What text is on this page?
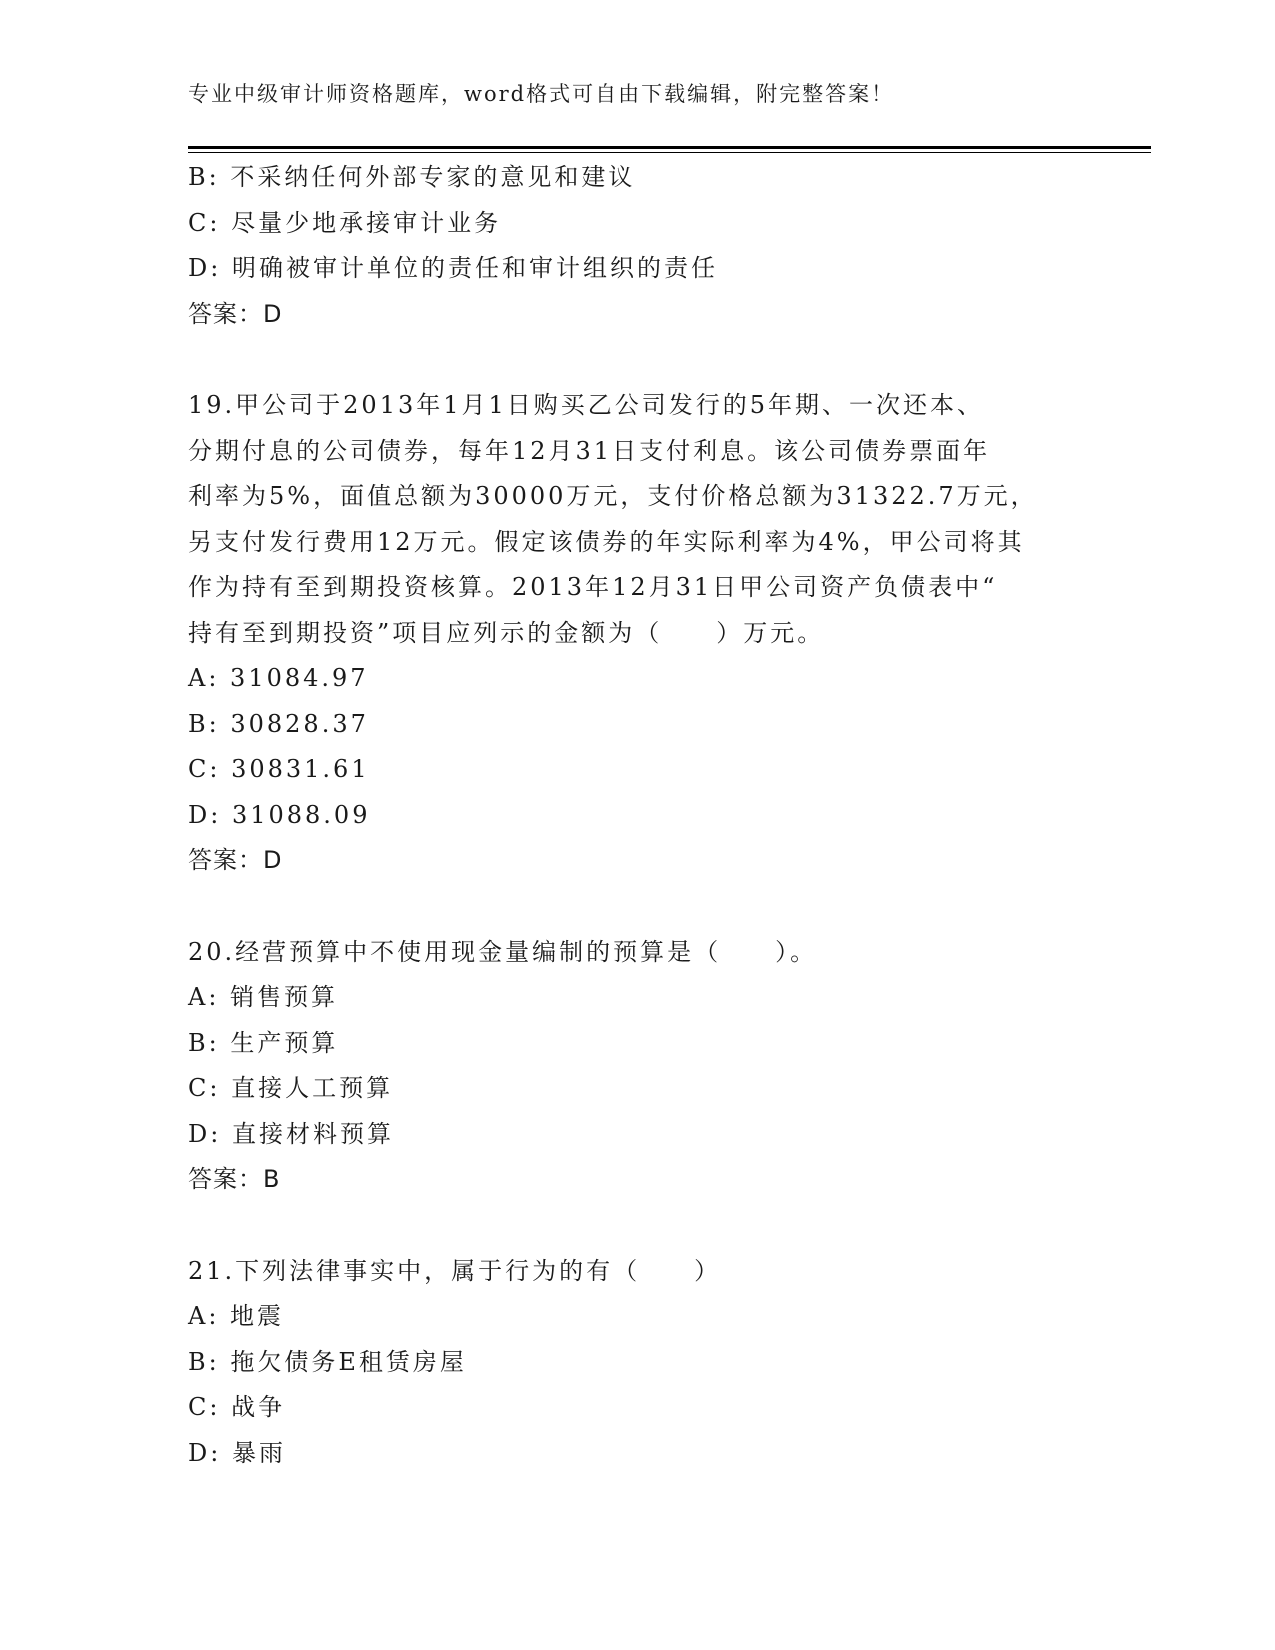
专业中级审计师资格题库，word格式可自由下载编辑，附完整答案！
B: 不采纳任何外部专家的意见和建议
C: 尽量少地承接审计业务
D: 明确被审计单位的责任和审计组织的责任
答案：D
19.甲公司于2013年1月1日购买乙公司发行的5年期、一次还本、
分期付息的公司债券，每年12月31日支付利息。该公司债券票面年
利率为5%，面值总额为30000万元，支付价格总额为31322.7万元，
另支付发行费用12万元。假定该债券的年实际利率为4%，甲公司将其
作为持有至到期投资核算。2013年12月31日甲公司资产负债表中“
持有至到期投资”项目应列示的金额为（　　）万元。
A: 31084.97
B: 30828.37
C: 30831.61
D: 31088.09
答案：D
20.经营预算中不使用现金量编制的预算是（　　）。
A: 销售预算
B: 生产预算
C: 直接人工预算
D: 直接材料预算
答案：B
21.下列法律事实中，属于行为的有（　　）
A: 地震
B: 拖欠债务E租赁房屋
C: 战争
D: 暴雨
